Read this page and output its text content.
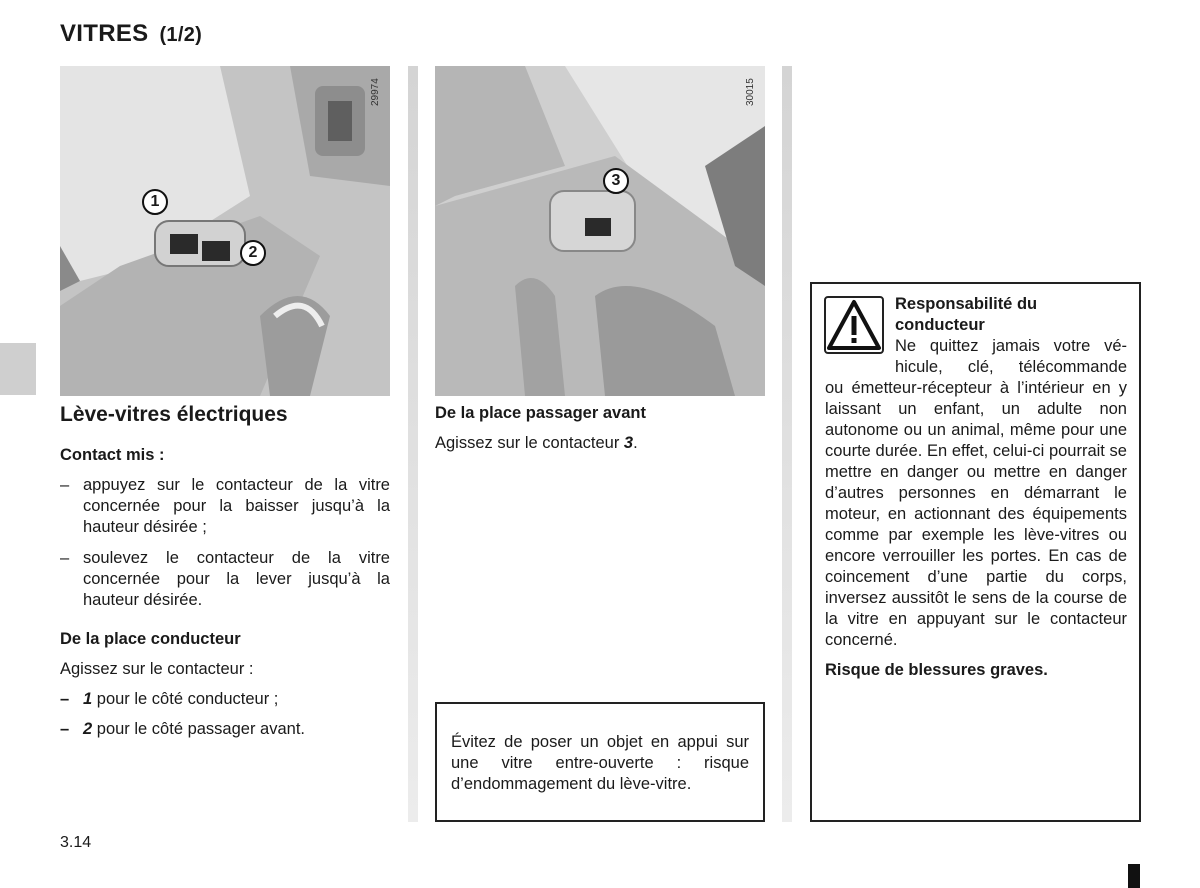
VITRES (1/2)
29974
1
2
30015
3
Lève-vitres électriques
Contact mis :
– appuyez sur le contacteur de la vitre concernée pour la baisser jusqu’à la hauteur désirée ;
– soulevez le contacteur de la vitre concernée pour la lever jusqu’à la hauteur désirée.
De la place conducteur
Agissez sur le contacteur :
– 1 pour le côté conducteur ;
– 2 pour le côté passager avant.
De la place passager avant
Agissez sur le contacteur 3.
Évitez de poser un objet en appui sur une vitre entre-ouverte : risque d’endommagement du lève-vitre.
Responsabilité du conducteur
Ne quittez jamais votre vé-hicule, clé, télécommande
ou émetteur-récepteur à l’intérieur en y laissant un enfant, un adulte non autonome ou un animal, même pour une courte durée. En effet, celui-ci pourrait se mettre en danger ou mettre en danger d’autres personnes en démarrant le moteur, en actionnant des équipements comme par exemple les lève-vitres ou encore verrouiller les portes. En cas de coincement d’une partie du corps, inversez aussitôt le sens de la course de la vitre en appuyant sur le contacteur concerné.
Risque de blessures graves.
3.14
